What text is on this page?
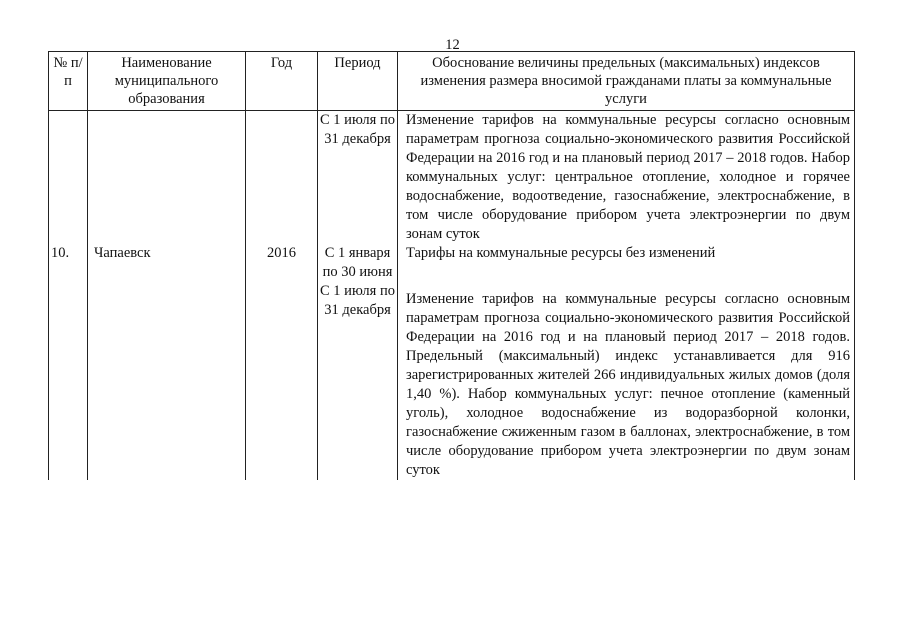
12
№ п/п	Наименование муниципального образования	Год	Период	Обоснование величины предельных (максимальных) индексов изменения размера вносимой гражданами платы за коммунальные услуги
			С 1 июля по 31 декабря	Изменение тарифов на коммунальные ресурсы согласно основным параметрам прогноза социально-экономического развития Российской Федерации на 2016 год и на плановый период 2017 – 2018 годов. Набор коммунальных услуг: центральное отопление, холодное и горячее водоснабжение, водоотведение, газоснабжение, электроснабжение, в том числе оборудование прибором учета электроэнергии по двум зонам суток
10.	Чапаевск	2016	С 1 января по 30 июня	Тарифы на коммунальные ресурсы без изменений
			С 1 июля по 31 декабря	Изменение тарифов на коммунальные ресурсы согласно основным параметрам прогноза социально-экономического развития Российской Федерации на 2016 год и на плановый период 2017 – 2018 годов. Предельный (максимальный) индекс устанавливается для 916 зарегистрированных жителей 266 индивидуальных жилых домов (доля 1,40 %). Набор коммунальных услуг: печное отопление (каменный уголь), холодное водоснабжение из водоразборной колонки, газоснабжение сжиженным газом в баллонах, электроснабжение, в том числе оборудование прибором учета электроэнергии по двум зонам суток
